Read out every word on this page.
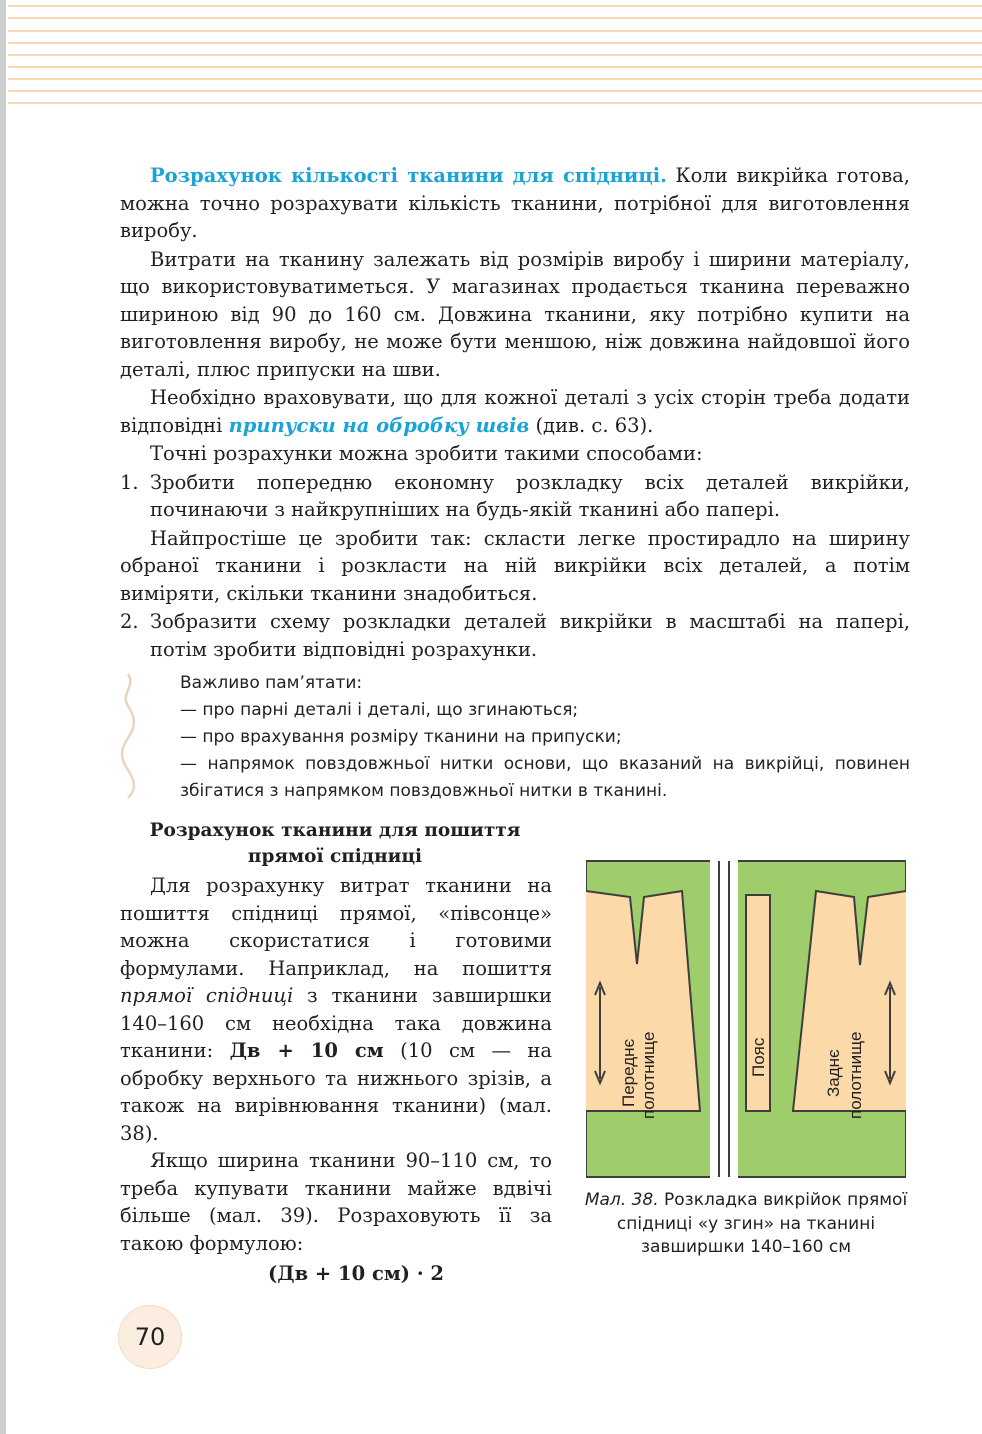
Розрахунок кількості тканини для спідниці. Коли викрійка готова, можна точно розрахувати кількість тканини, потрібної для виготовлення виробу.

Витрати на тканину залежать від розмірів виробу і ширини матеріалу, що використовуватиметься. У магазинах продається тканина переважно шириною від 90 до 160 см. Довжина тканини, яку потрібно купити на виготовлення виробу, не може бути меншою, ніж довжина найдовшої його деталі, плюс припуски на шви.

Необхідно враховувати, що для кожної деталі з усіх сторін треба додати відповідні припуски на обробку швів (див. с. 63).

Точні розрахунки можна зробити такими способами:

1. Зробити попередню економну розкладку всіх деталей викрійки, починаючи з найкрупніших на будь-якій тканині або папері.

Найпростіше це зробити так: скласти легке простирадло на ширину обраної тканини і розкласти на ній викрійки всіх деталей, а потім виміряти, скільки тканини знадобиться.

2. Зобразити схему розкладки деталей викрійки в масштабі на папері, потім зробити відповідні розрахунки.

Важливо пам’ятати:
— про парні деталі і деталі, що згинаються;
— про врахування розміру тканини на припуски;
— напрямок повздовжньої нитки основи, що вказаний на викрійці, повинен збігатися з напрямком повздовжньої нитки в тканині.
Розрахунок тканини для пошиття
прямої спідниці

Для розрахунку витрат тканини на пошиття спідниці прямої, «півсонце» можна скористатися і готовими формулами. Наприклад, на пошиття прямої спідниці з тканини завширшки 140–160 см необхідна така довжина тканини: Дв + 10 см (10 см — на обробку верхнього та нижнього зрізів, а також на вирівнювання тканини) (мал. 38).

Якщо ширина тканини 90–110 см, то треба купувати тканини майже вдвічі більше (мал. 39). Розраховують її за такою формулою:

(Дв + 10 см) · 2
Переднє полотнище	Пояс	Заднє полотнище
Мал. 38. Розкладка викрійок прямої спідниці «у згин» на тканині завширшки 140–160 см
70
